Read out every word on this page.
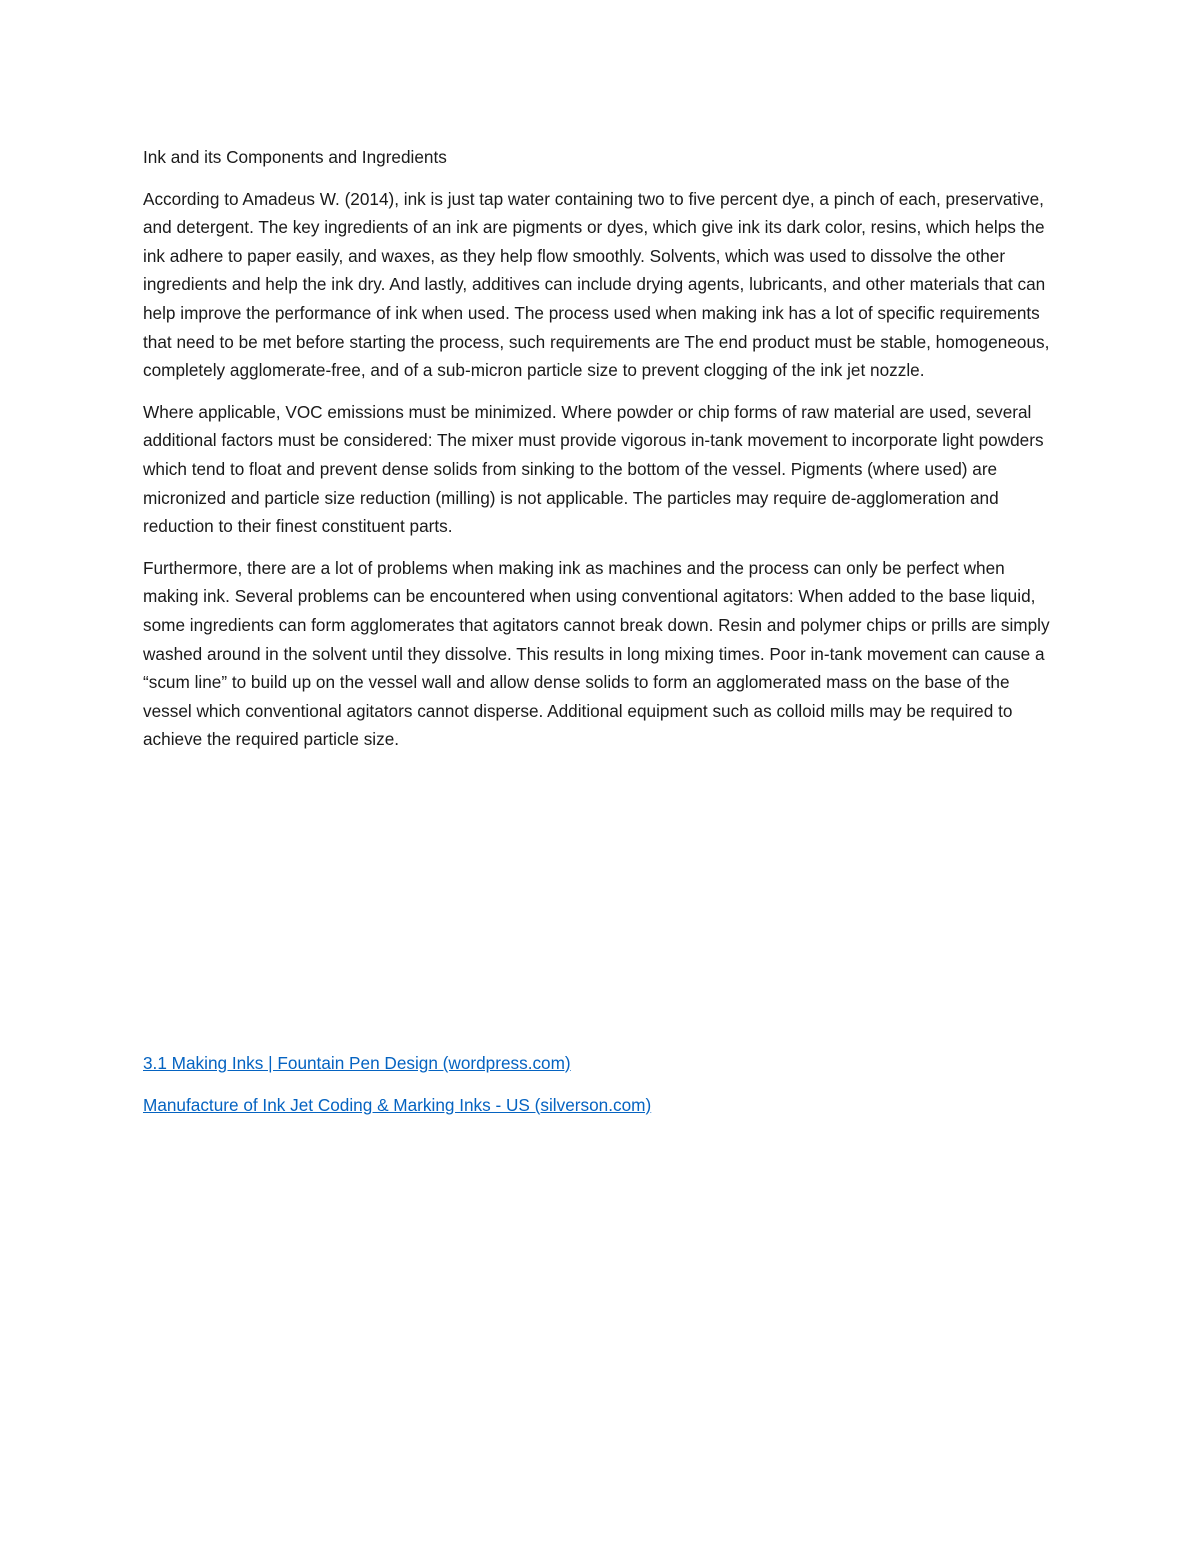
Ink and its Components and Ingredients

According to Amadeus W. (2014), ink is just tap water containing two to five percent dye, a pinch of each, preservative, and detergent. The key ingredients of an ink are pigments or dyes, which give ink its dark color, resins, which helps the ink adhere to paper easily, and waxes, as they help flow smoothly. Solvents, which was used to dissolve the other ingredients and help the ink dry. And lastly, additives can include drying agents, lubricants, and other materials that can help improve the performance of ink when used. The process used when making ink has a lot of specific requirements that need to be met before starting the process, such requirements are The end product must be stable, homogeneous, completely agglomerate-free, and of a sub-micron particle size to prevent clogging of the ink jet nozzle.

Where applicable, VOC emissions must be minimized. Where powder or chip forms of raw material are used, several additional factors must be considered: The mixer must provide vigorous in-tank movement to incorporate light powders which tend to float and prevent dense solids from sinking to the bottom of the vessel. Pigments (where used) are micronized and particle size reduction (milling) is not applicable. The particles may require de-agglomeration and reduction to their finest constituent parts.

Furthermore, there are a lot of problems when making ink as machines and the process can only be perfect when making ink. Several problems can be encountered when using conventional agitators: When added to the base liquid, some ingredients can form agglomerates that agitators cannot break down. Resin and polymer chips or prills are simply washed around in the solvent until they dissolve. This results in long mixing times. Poor in-tank movement can cause a “scum line” to build up on the vessel wall and allow dense solids to form an agglomerated mass on the base of the vessel which conventional agitators cannot disperse. Additional equipment such as colloid mills may be required to achieve the required particle size.

3.1 Making Inks | Fountain Pen Design (wordpress.com)
Manufacture of Ink Jet Coding & Marking Inks - US (silverson.com)
